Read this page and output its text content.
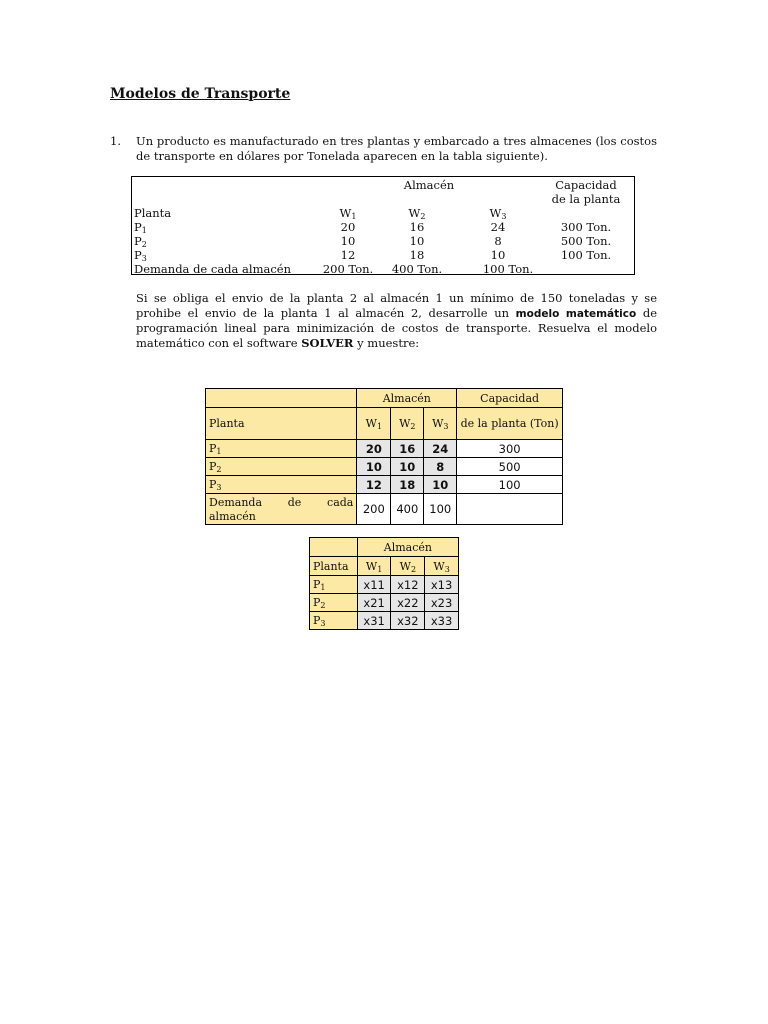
Modelos de Transporte
1. Un producto es manufacturado en tres plantas y embarcado a tres almacenes (los costos de transporte en dólares por Tonelada aparecen en la tabla siguiente).
Almacén	Capacidad
de la planta
Planta	$W_1$	$W_2$	$W_3$
$P_1$	20	16	24	300 Ton.
$P_2$	10	10	8	500 Ton.
$P_3$	12	18	10	100 Ton.
Demanda de cada almacén	200 Ton.	400 Ton.	100 Ton.
Si se obliga el envio de la planta 2 al almacén 1 un mínimo de 150 toneladas y se prohibe el envio de la planta 1 al almacén 2, desarrolle un modelo matemático de programación lineal para minimización de costos de transporte. Resuelva el modelo matemático con el software SOLVER y muestre:
	Almacén			Capacidad
Planta	$W_1$	$W_2$	$W_3$	de la planta (Ton)
$P_1$	20	16	24	300
$P_2$	10	10	8	500
$P_3$	12	18	10	100

Demanda de cada
almacén	200	400	100	
	Almacén		
Planta	$W_1$	$W_2$	$W_3$
$P_1$	x11	x12	x13
$P_2$	x21	x22	x23
$P_3$	x31	x32	x33
